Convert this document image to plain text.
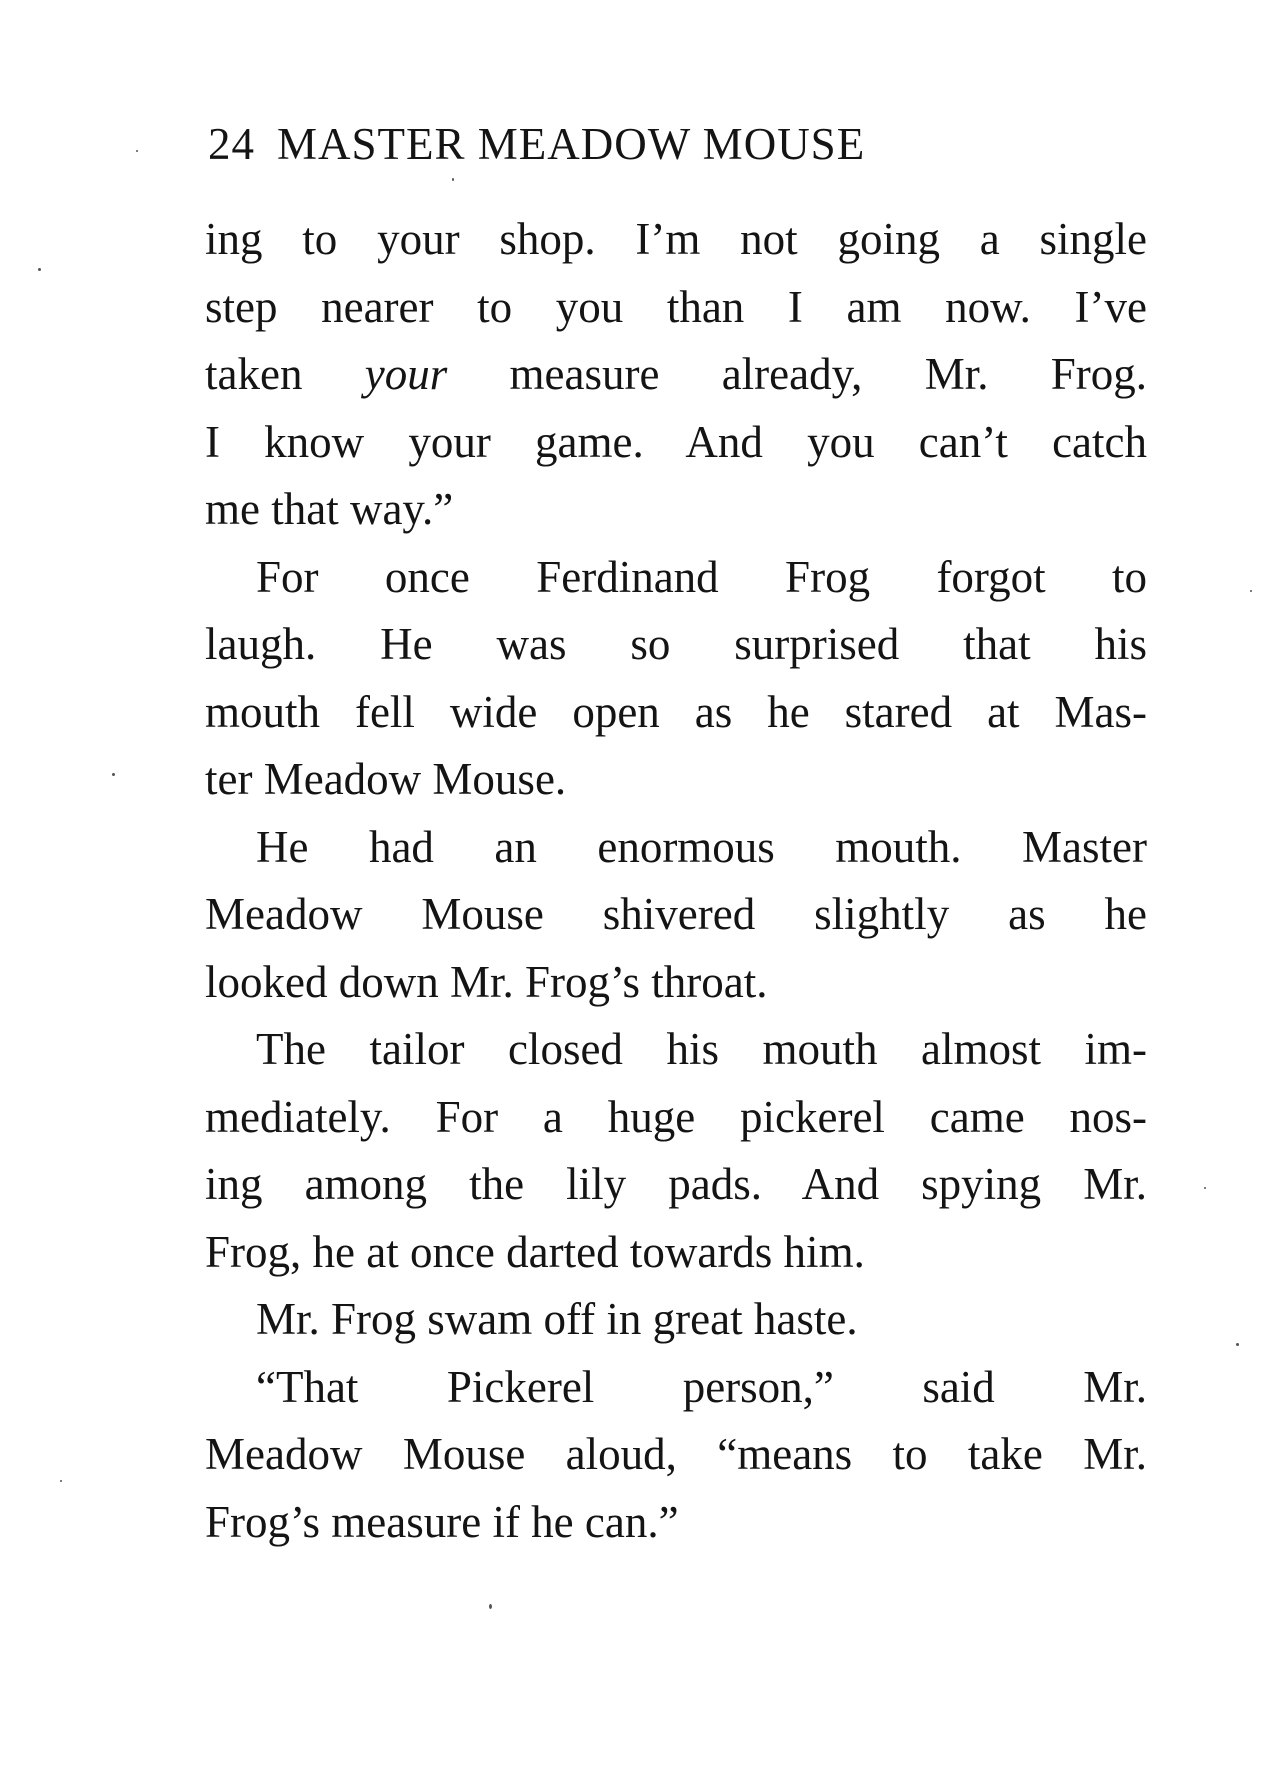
24 MASTER MEADOW MOUSE
ing to your shop. I’m not going a single
step nearer to you than I am now. I’ve
taken your measure already, Mr. Frog.
I know your game. And you can’t catch
me that way.”
For once Ferdinand Frog forgot to
laugh. He was so surprised that his
mouth fell wide open as he stared at Mas-
ter Meadow Mouse.
He had an enormous mouth. Master
Meadow Mouse shivered slightly as he
looked down Mr. Frog’s throat.
The tailor closed his mouth almost im-
mediately. For a huge pickerel came nos-
ing among the lily pads. And spying Mr.
Frog, he at once darted towards him.
Mr. Frog swam off in great haste.
“That Pickerel person,” said Mr.
Meadow Mouse aloud, “means to take Mr.
Frog’s measure if he can.”
